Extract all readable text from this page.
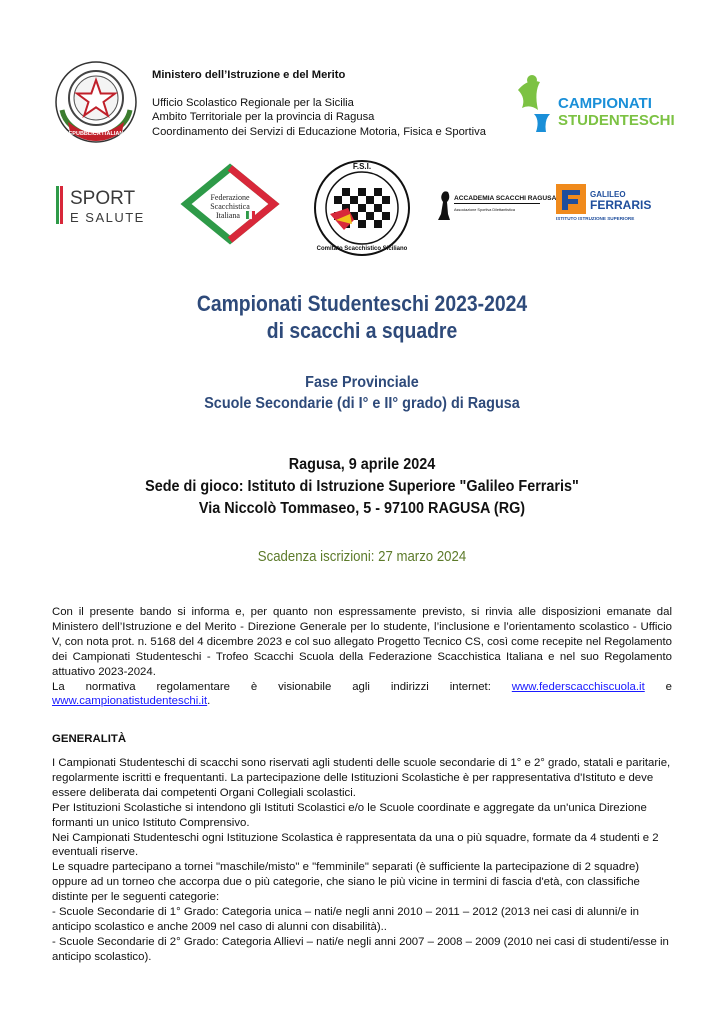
REPUBBLICA ITALIANA
Ministero dell’Istruzione e del Merito
Ufficio Scolastico Regionale per la Sicilia
Ambito Territoriale per la provincia di Ragusa
Coordinamento dei Servizi di Educazione Motoria, Fisica e Sportiva
CAMPIONATI
STUDENTESCHI
SPORT
E SALUTE
Federazione
Scacchistica
Italiana
F.S.I.
Comitato Scacchistico Siciliano
ACCADEMIA SCACCHI RAGUSA
Associazione Sportiva Dilettantistica
GALILEO
FERRARIS
ISTITUTO ISTRUZIONE SUPERIORE
Campionati Studenteschi 2023-2024
di scacchi a squadre
Fase Provinciale
Scuole Secondarie (di I° e II° grado) di Ragusa
Ragusa, 9 aprile 2024
Sede di gioco: Istituto di Istruzione Superiore "Galileo Ferraris"
Via Niccolò Tommaseo, 5 - 97100 RAGUSA (RG)
Scadenza iscrizioni: 27 marzo 2024

Con il presente bando si informa e, per quanto non espressamente previsto, si rinvia alle disposizioni emanate dal Ministero dell’Istruzione e del Merito - Direzione Generale per lo studente, l’inclusione e l’orientamento scolastico - Ufficio V, con nota prot. n. 5168 del 4 dicembre 2023 e col suo allegato Progetto Tecnico CS, così come recepite nel Regolamento dei Campionati Studenteschi - Trofeo Scacchi Scuola della Federazione Scacchistica Italiana e nel suo Regolamento attuativo 2023-2024.

La normativa regolamentare è visionabile agli indirizzi internet: www.federscacchiscuola.it e www.campionatistudenteschi.it.

GENERALITÀ

I Campionati Studenteschi di scacchi sono riservati agli studenti delle scuole secondarie di 1° e 2° grado, statali e paritarie, regolarmente iscritti e frequentanti. La partecipazione delle Istituzioni Scolastiche è per rappresentativa d'Istituto e deve essere deliberata dai competenti Organi Collegiali scolastici.

Per Istituzioni Scolastiche si intendono gli Istituti Scolastici e/o le Scuole coordinate e aggregate da un'unica Direzione formanti un unico Istituto Comprensivo.

Nei Campionati Studenteschi ogni Istituzione Scolastica è rappresentata da una o più squadre, formate da 4 studenti e 2 eventuali riserve.

Le squadre partecipano a tornei "maschile/misto" e "femminile" separati (è sufficiente la partecipazione di 2 squadre) oppure ad un torneo che accorpa due o più categorie, che siano le più vicine in termini di fascia d'età, con classifiche distinte per le seguenti categorie:

- Scuole Secondarie di 1° Grado: Categoria unica – nati/e negli anni 2010 – 2011 – 2012 (2013 nei casi di alunni/e in anticipo scolastico e anche 2009 nel caso di alunni con disabilità)..

- Scuole Secondarie di 2° Grado: Categoria Allievi – nati/e negli anni 2007 – 2008 – 2009 (2010 nei casi di studenti/esse in anticipo scolastico).
